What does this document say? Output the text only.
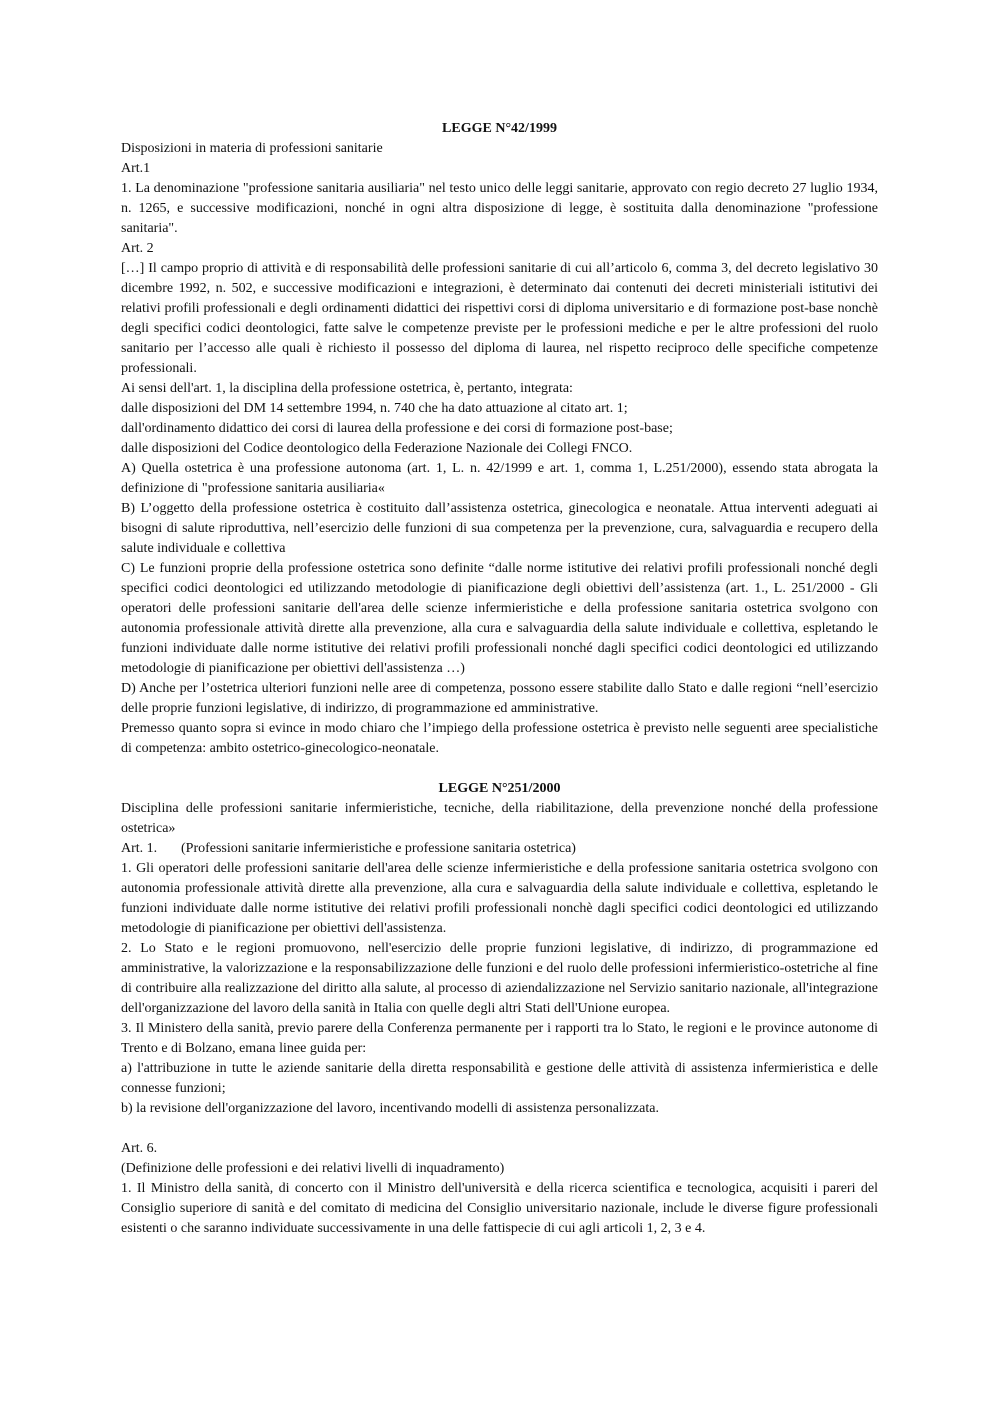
LEGGE N°42/1999

Disposizioni in materia di professioni sanitarie

Art.1

1. La denominazione "professione sanitaria ausiliaria" nel testo unico delle leggi sanitarie, approvato con regio decreto 27 luglio 1934, n. 1265, e successive modificazioni, nonché in ogni altra disposizione di legge, è sostituita dalla denominazione "professione sanitaria".

Art. 2

[…] Il campo proprio di attività e di responsabilità delle professioni sanitarie di cui all’articolo 6, comma 3, del decreto legislativo 30 dicembre 1992, n. 502, e successive modificazioni e integrazioni, è determinato dai contenuti dei decreti ministeriali istitutivi dei relativi profili professionali e degli ordinamenti didattici dei rispettivi corsi di diploma universitario e di formazione post-base nonchè degli specifici codici deontologici, fatte salve le competenze previste per le professioni mediche e per le altre professioni del ruolo sanitario per l’accesso alle quali è richiesto il possesso del diploma di laurea, nel rispetto reciproco delle specifiche competenze professionali.

Ai sensi dell'art. 1, la disciplina della professione ostetrica, è, pertanto, integrata:

dalle disposizioni del DM 14 settembre 1994, n. 740 che ha dato attuazione al citato art. 1;

dall'ordinamento didattico dei corsi di laurea della professione e dei corsi di formazione post-base;

dalle disposizioni del Codice deontologico della Federazione Nazionale dei Collegi FNCO.

A) Quella ostetrica è una professione autonoma (art. 1, L. n. 42/1999 e art. 1, comma 1, L.251/2000), essendo stata abrogata la definizione di "professione sanitaria ausiliaria«

B) L’oggetto della professione ostetrica è costituito dall’assistenza ostetrica, ginecologica e neonatale. Attua interventi adeguati ai bisogni di salute riproduttiva, nell’esercizio delle funzioni di sua competenza per la prevenzione, cura, salvaguardia e recupero della salute individuale e collettiva

C) Le funzioni proprie della professione ostetrica sono definite “dalle norme istitutive dei relativi profili professionali nonché degli specifici codici deontologici ed utilizzando metodologie di pianificazione degli obiettivi dell’assistenza (art. 1., L. 251/2000 - Gli operatori delle professioni sanitarie dell'area delle scienze infermieristiche e della professione sanitaria ostetrica svolgono con autonomia professionale attività dirette alla prevenzione, alla cura e salvaguardia della salute individuale e collettiva, espletando le funzioni individuate dalle norme istitutive dei relativi profili professionali nonché dagli specifici codici deontologici ed utilizzando metodologie di pianificazione per obiettivi dell'assistenza …)

D) Anche per l’ostetrica ulteriori funzioni nelle aree di competenza, possono essere stabilite dallo Stato e dalle regioni “nell’esercizio delle proprie funzioni legislative, di indirizzo, di programmazione ed amministrative.

Premesso quanto sopra si evince in modo chiaro che l’impiego della professione ostetrica è previsto nelle seguenti aree specialistiche di competenza: ambito ostetrico-ginecologico-neonatale.

LEGGE N°251/2000

Disciplina delle professioni sanitarie infermieristiche, tecniche, della riabilitazione, della prevenzione nonché della professione ostetrica»

Art. 1. (Professioni sanitarie infermieristiche e professione sanitaria ostetrica)

1. Gli operatori delle professioni sanitarie dell'area delle scienze infermieristiche e della professione sanitaria ostetrica svolgono con autonomia professionale attività dirette alla prevenzione, alla cura e salvaguardia della salute individuale e collettiva, espletando le funzioni individuate dalle norme istitutive dei relativi profili professionali nonchè dagli specifici codici deontologici ed utilizzando metodologie di pianificazione per obiettivi dell'assistenza.

2. Lo Stato e le regioni promuovono, nell'esercizio delle proprie funzioni legislative, di indirizzo, di programmazione ed amministrative, la valorizzazione e la responsabilizzazione delle funzioni e del ruolo delle professioni infermieristico-ostetriche al fine di contribuire alla realizzazione del diritto alla salute, al processo di aziendalizzazione nel Servizio sanitario nazionale, all'integrazione dell'organizzazione del lavoro della sanità in Italia con quelle degli altri Stati dell'Unione europea.

3. Il Ministero della sanità, previo parere della Conferenza permanente per i rapporti tra lo Stato, le regioni e le province autonome di Trento e di Bolzano, emana linee guida per:

a) l'attribuzione in tutte le aziende sanitarie della diretta responsabilità e gestione delle attività di assistenza infermieristica e delle connesse funzioni;

b) la revisione dell'organizzazione del lavoro, incentivando modelli di assistenza personalizzata.

Art. 6.

(Definizione delle professioni e dei relativi livelli di inquadramento)

1. Il Ministro della sanità, di concerto con il Ministro dell'università e della ricerca scientifica e tecnologica, acquisiti i pareri del Consiglio superiore di sanità e del comitato di medicina del Consiglio universitario nazionale, include le diverse figure professionali esistenti o che saranno individuate successivamente in una delle fattispecie di cui agli articoli 1, 2, 3 e 4.
